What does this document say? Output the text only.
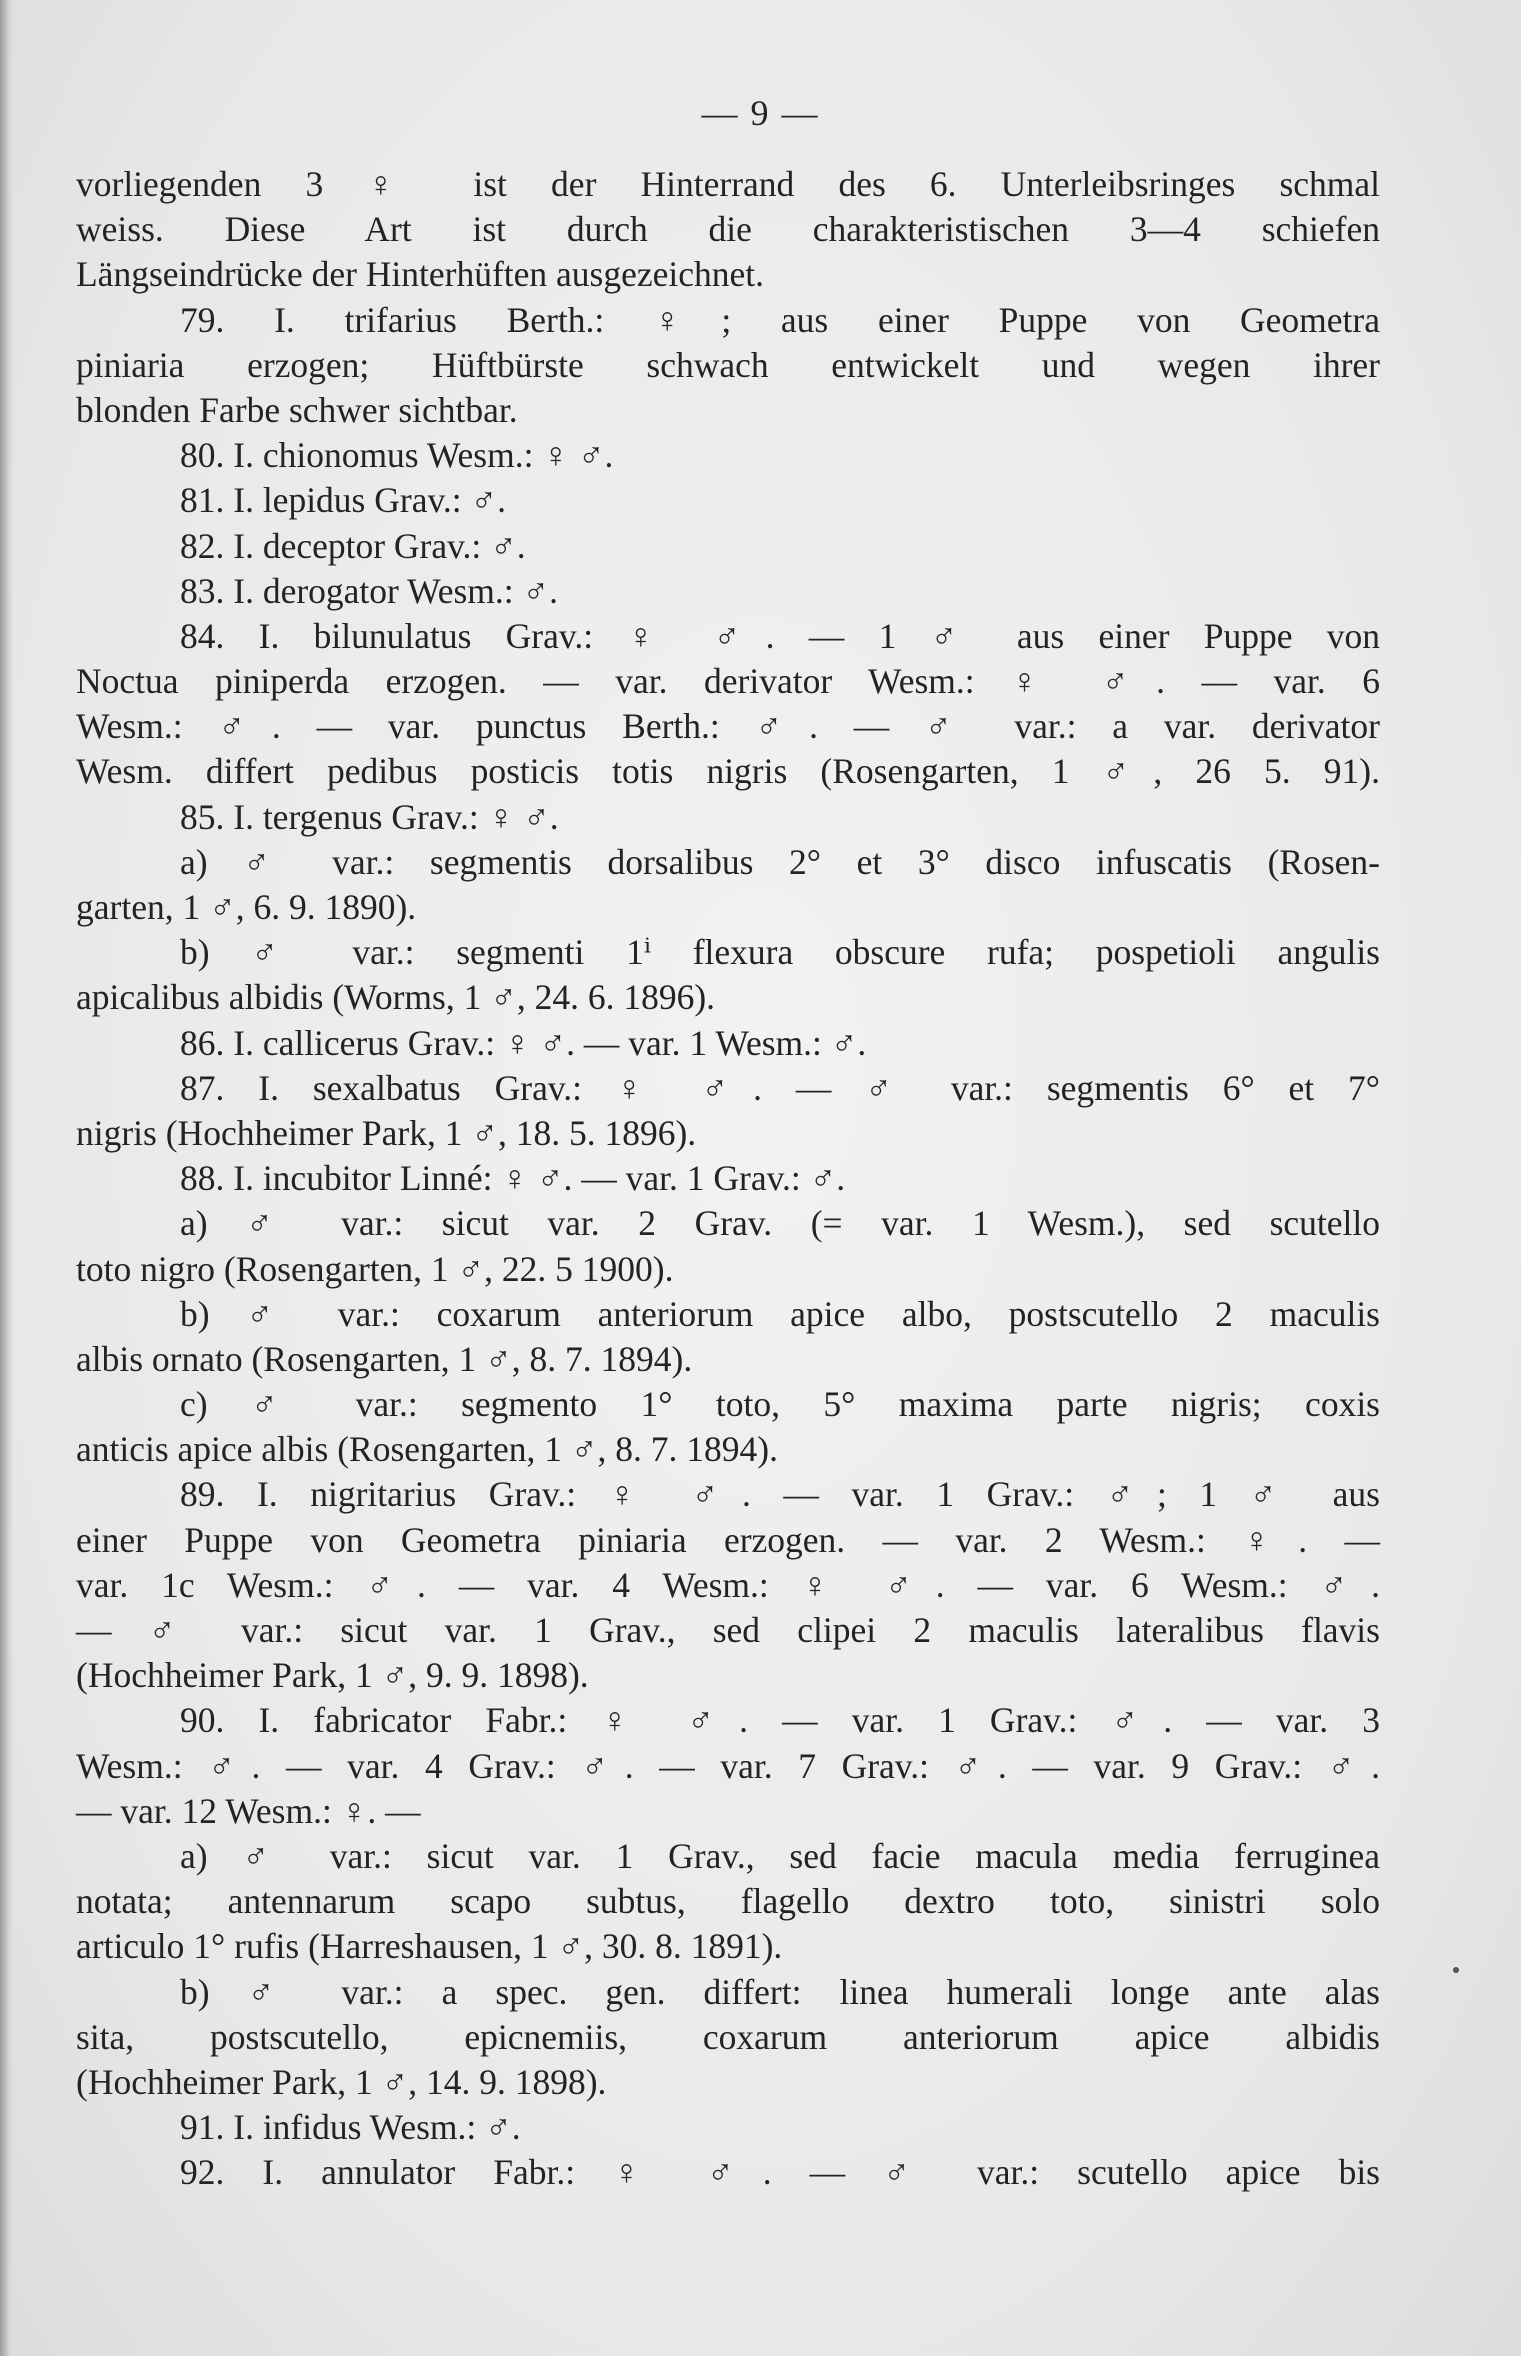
— 9 —
vorliegenden 3 ♀ ist der Hinterrand des 6. Unterleibsringes schmal
weiss. Diese Art ist durch die charakteristischen 3—4 schiefen
Längseindrücke der Hinterhüften ausgezeichnet.
79. I. trifarius Berth.: ♀; aus einer Puppe von Geometra
piniaria erzogen; Hüftbürste schwach entwickelt und wegen ihrer
blonden Farbe schwer sichtbar.
80. I. chionomus Wesm.: ♀ ♂.
81. I. lepidus Grav.: ♂.
82. I. deceptor Grav.: ♂.
83. I. derogator Wesm.: ♂.
84. I. bilunulatus Grav.: ♀ ♂. — 1 ♂ aus einer Puppe von
Noctua piniperda erzogen. — var. derivator Wesm.: ♀ ♂. — var. 6
Wesm.: ♂. — var. punctus Berth.: ♂. — ♂ var.: a var. derivator
Wesm. differt pedibus posticis totis nigris (Rosengarten, 1 ♂, 26 5. 91).
85. I. tergenus Grav.: ♀ ♂.
a) ♂ var.: segmentis dorsalibus 2° et 3° disco infuscatis (Rosen-
garten, 1 ♂, 6. 9. 1890).
b) ♂ var.: segmenti 1ⁱ flexura obscure rufa; pospetioli angulis
apicalibus albidis (Worms, 1 ♂, 24. 6. 1896).
86. I. callicerus Grav.: ♀ ♂. — var. 1 Wesm.: ♂.
87. I. sexalbatus Grav.: ♀ ♂. — ♂ var.: segmentis 6° et 7°
nigris (Hochheimer Park, 1 ♂, 18. 5. 1896).
88. I. incubitor Linné: ♀ ♂. — var. 1 Grav.: ♂.
a) ♂ var.: sicut var. 2 Grav. (= var. 1 Wesm.), sed scutello
toto nigro (Rosengarten, 1 ♂, 22. 5 1900).
b) ♂ var.: coxarum anteriorum apice albo, postscutello 2 maculis
albis ornato (Rosengarten, 1 ♂, 8. 7. 1894).
c) ♂ var.: segmento 1° toto, 5° maxima parte nigris; coxis
anticis apice albis (Rosengarten, 1 ♂, 8. 7. 1894).
89. I. nigritarius Grav.: ♀ ♂. — var. 1 Grav.: ♂; 1 ♂ aus
einer Puppe von Geometra piniaria erzogen. — var. 2 Wesm.: ♀. —
var. 1c Wesm.: ♂. — var. 4 Wesm.: ♀ ♂. — var. 6 Wesm.: ♂.
— ♂ var.: sicut var. 1 Grav., sed clipei 2 maculis lateralibus flavis
(Hochheimer Park, 1 ♂, 9. 9. 1898).
90. I. fabricator Fabr.: ♀ ♂. — var. 1 Grav.: ♂. — var. 3
Wesm.: ♂. — var. 4 Grav.: ♂. — var. 7 Grav.: ♂. — var. 9 Grav.: ♂.
— var. 12 Wesm.: ♀. —
a) ♂ var.: sicut var. 1 Grav., sed facie macula media ferruginea
notata; antennarum scapo subtus, flagello dextro toto, sinistri solo
articulo 1° rufis (Harreshausen, 1 ♂, 30. 8. 1891).
b) ♂ var.: a spec. gen. differt: linea humerali longe ante alas
sita, postscutello, epicnemiis, coxarum anteriorum apice albidis
(Hochheimer Park, 1 ♂, 14. 9. 1898).
91. I. infidus Wesm.: ♂.
92. I. annulator Fabr.: ♀ ♂. — ♂ var.: scutello apice bis
